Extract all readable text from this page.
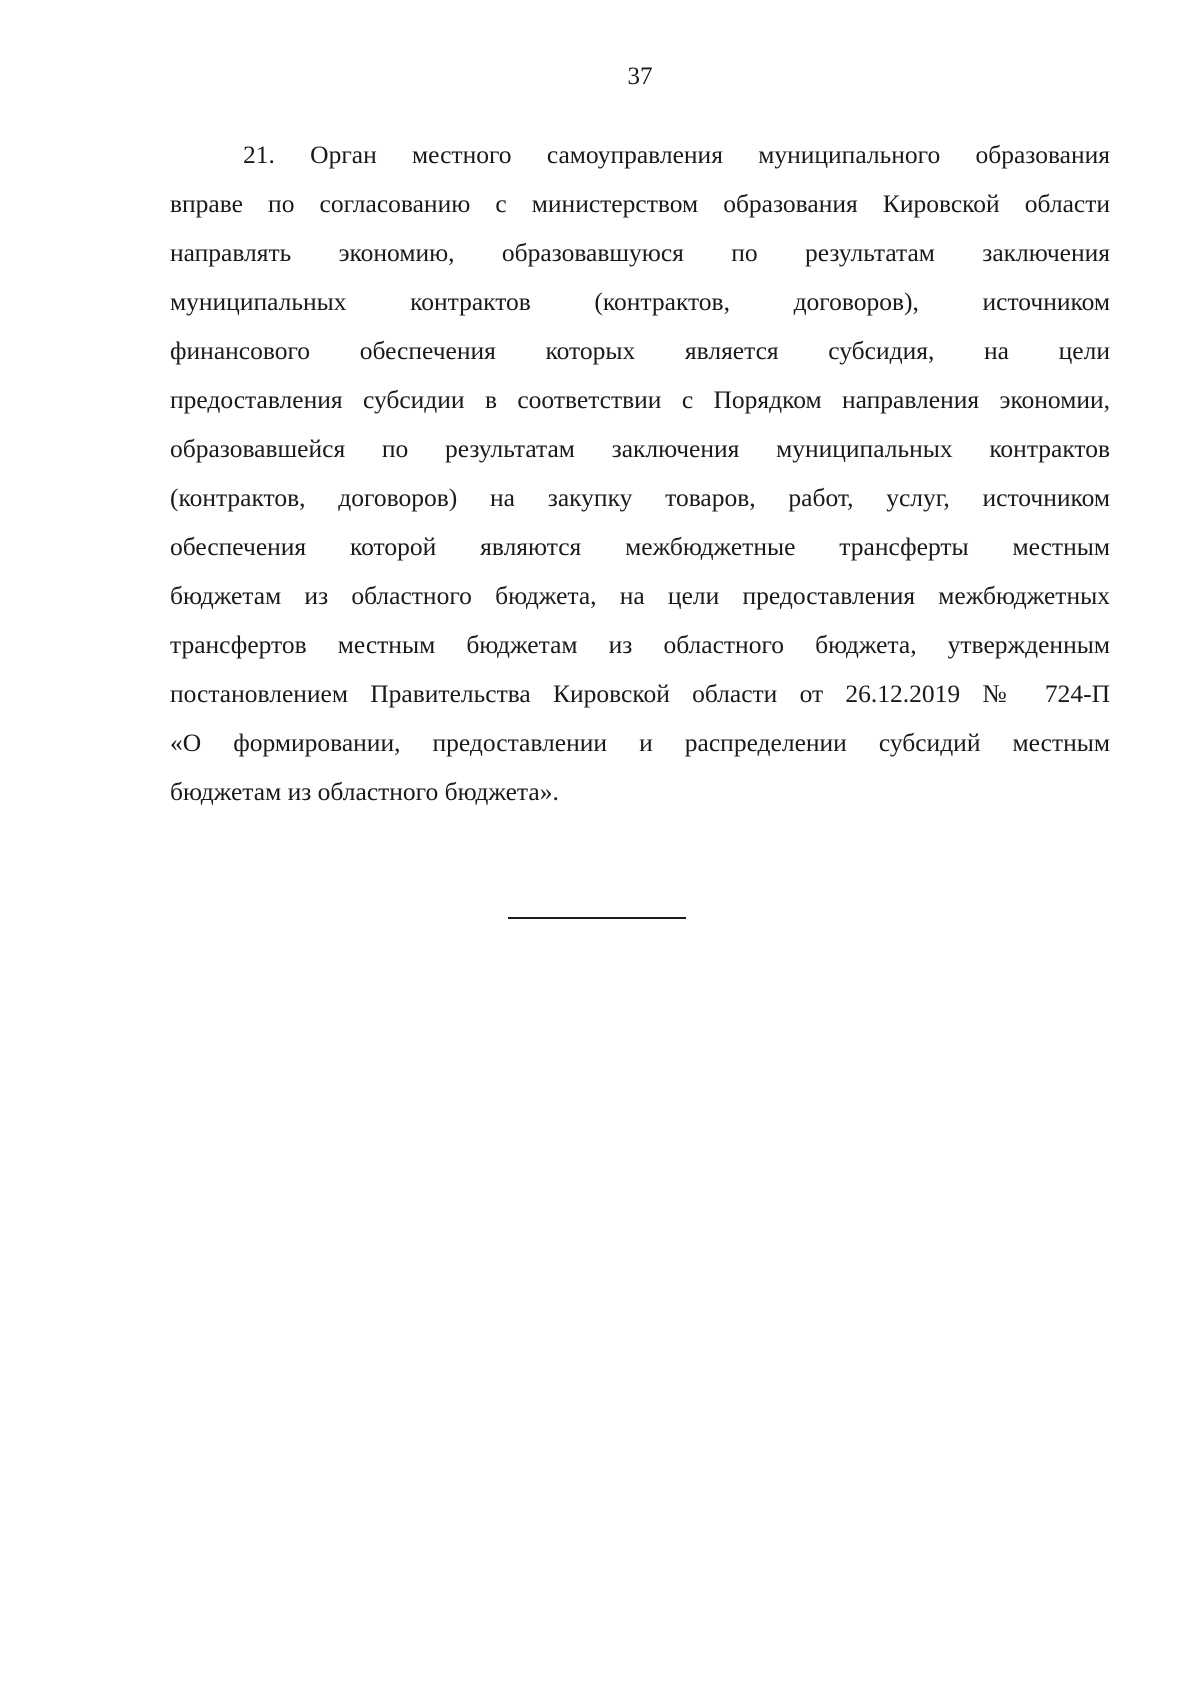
37
21. Орган местного самоуправления муниципального образования
вправе по согласованию с министерством образования Кировской области
направлять экономию, образовавшуюся по результатам заключения
муниципальных контрактов (контрактов, договоров), источником
финансового обеспечения которых является субсидия, на цели
предоставления субсидии в соответствии с Порядком направления экономии,
образовавшейся по результатам заключения муниципальных контрактов
(контрактов, договоров) на закупку товаров, работ, услуг, источником
обеспечения которой являются межбюджетные трансферты местным
бюджетам из областного бюджета, на цели предоставления межбюджетных
трансфертов местным бюджетам из областного бюджета, утвержденным
постановлением Правительства Кировской области от 26.12.2019 № 724-П
«О формировании, предоставлении и распределении субсидий местным
бюджетам из областного бюджета».
